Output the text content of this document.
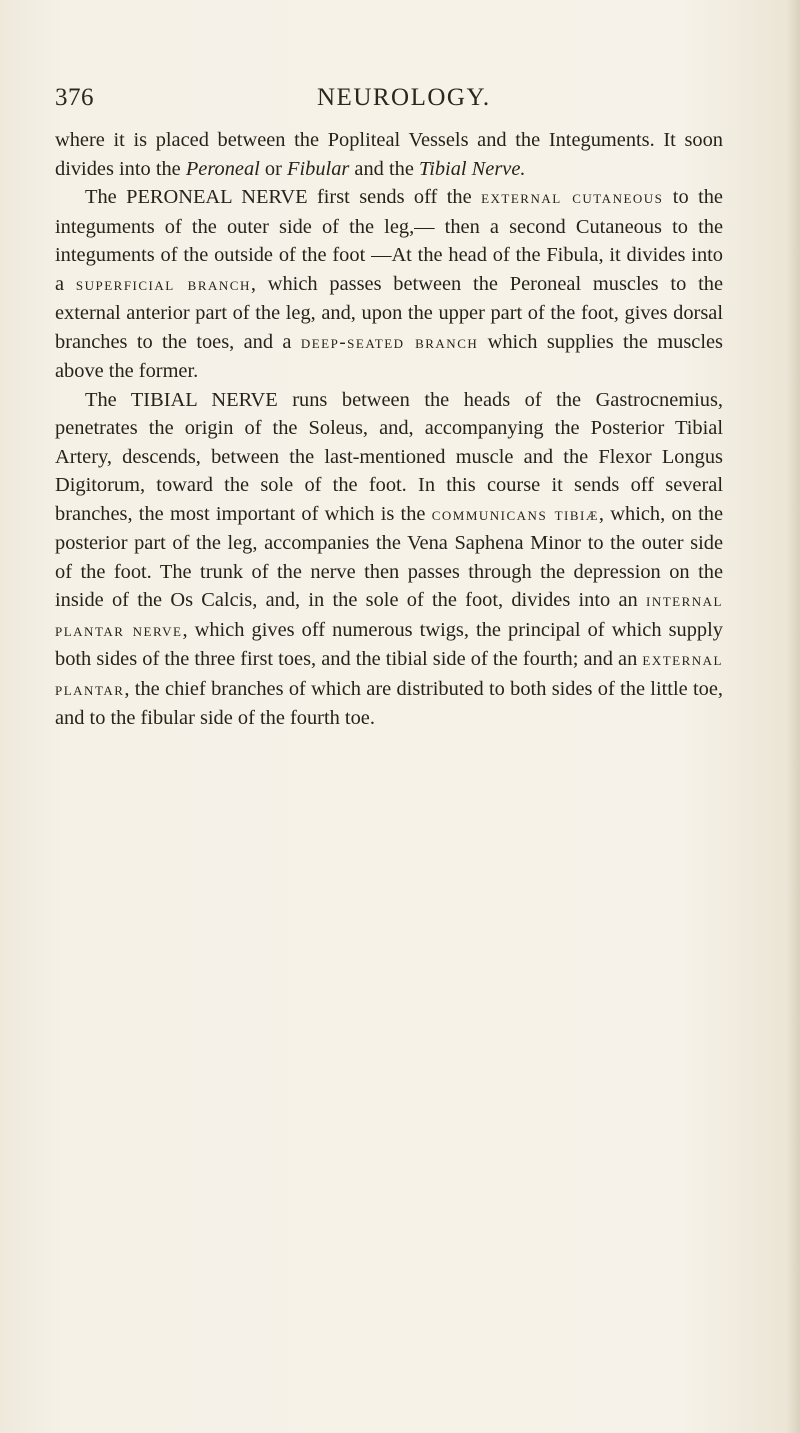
376	NEUROLOGY.

where it is placed between the Popliteal Vessels and the Integuments. It soon divides into the Peroneal or Fibular and the Tibial Nerve.

The PERONEAL NERVE first sends off the external cutaneous to the integuments of the outer side of the leg,— then a second Cutaneous to the integuments of the outside of the foot —At the head of the Fibula, it divides into a superficial branch, which passes between the Peroneal muscles to the external anterior part of the leg, and, upon the upper part of the foot, gives dorsal branches to the toes, and a deep-seated branch which supplies the muscles above the former.

The TIBIAL NERVE runs between the heads of the Gastrocnemius, penetrates the origin of the Soleus, and, accompanying the Posterior Tibial Artery, descends, between the last-mentioned muscle and the Flexor Longus Digitorum, toward the sole of the foot. In this course it sends off several branches, the most important of which is the communicans tibiæ, which, on the posterior part of the leg, accompanies the Vena Saphena Minor to the outer side of the foot. The trunk of the nerve then passes through the depression on the inside of the Os Calcis, and, in the sole of the foot, divides into an internal plantar nerve, which gives off numerous twigs, the principal of which supply both sides of the three first toes, and the tibial side of the fourth; and an external plantar, the chief branches of which are distributed to both sides of the little toe, and to the fibular side of the fourth toe.
